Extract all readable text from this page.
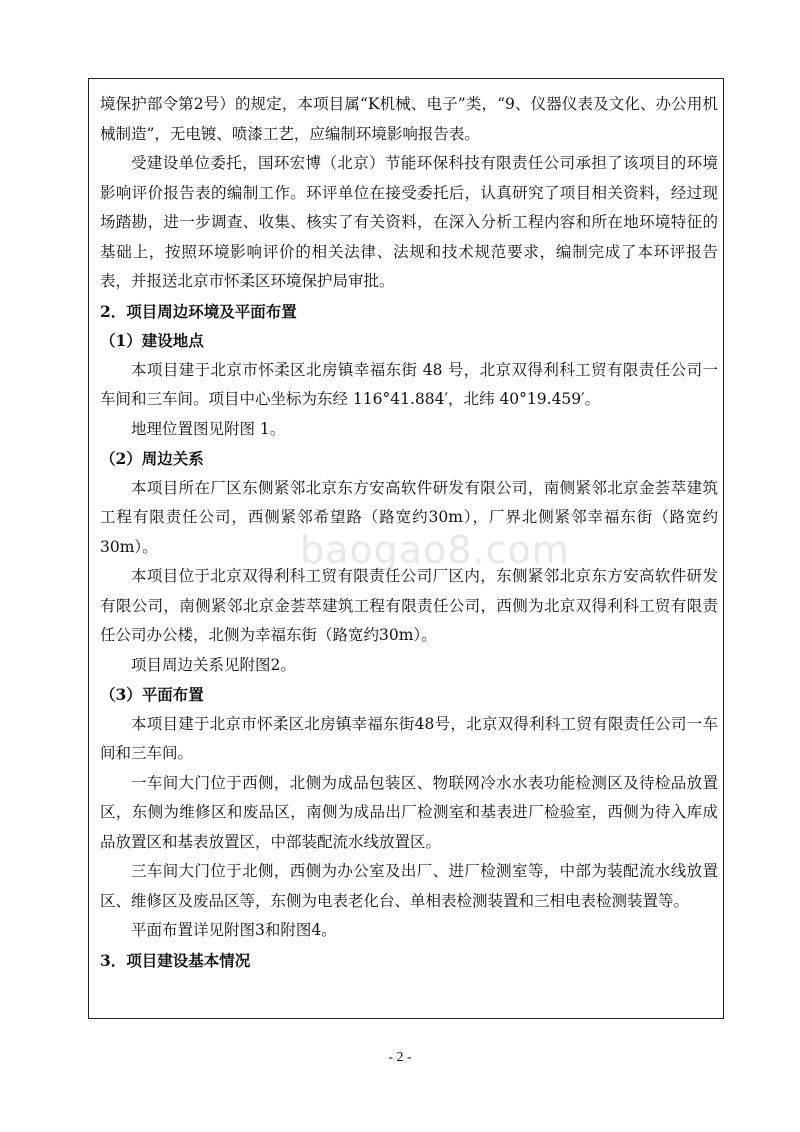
境保护部令第2号）的规定，本项目属“K机械、电子”类，“9、仪器仪表及文化、办公用机械制造”，无电镀、喷漆工艺，应编制环境影响报告表。

受建设单位委托，国环宏博（北京）节能环保科技有限责任公司承担了该项目的环境影响评价报告表的编制工作。环评单位在接受委托后，认真研究了项目相关资料，经过现场踏勘，进一步调查、收集、核实了有关资料，在深入分析工程内容和所在地环境特征的基础上，按照环境影响评价的相关法律、法规和技术规范要求，编制完成了本环评报告表，并报送北京市怀柔区环境保护局审批。

2．项目周边环境及平面布置

（1）建设地点

本项目建于北京市怀柔区北房镇幸福东街 48 号，北京双得利科工贸有限责任公司一车间和三车间。项目中心坐标为东经 116°41.884′，北纬 40°19.459′。

地理位置图见附图 1。

（2）周边关系

本项目所在厂区东侧紧邻北京东方安高软件研发有限公司，南侧紧邻北京金荟萃建筑工程有限责任公司，西侧紧邻希望路（路宽约30m），厂界北侧紧邻幸福东街（路宽约30m）。

本项目位于北京双得利科工贸有限责任公司厂区内，东侧紧邻北京东方安高软件研发有限公司，南侧紧邻北京金荟萃建筑工程有限责任公司，西侧为北京双得利科工贸有限责任公司办公楼，北侧为幸福东街（路宽约30m）。

项目周边关系见附图2。

（3）平面布置

本项目建于北京市怀柔区北房镇幸福东街48号，北京双得利科工贸有限责任公司一车间和三车间。

一车间大门位于西侧，北侧为成品包装区、物联网冷水水表功能检测区及待检品放置区，东侧为维修区和废品区，南侧为成品出厂检测室和基表进厂检验室，西侧为待入库成品放置区和基表放置区，中部装配流水线放置区。

三车间大门位于北侧，西侧为办公室及出厂、进厂检测室等，中部为装配流水线放置区、维修区及废品区等，东侧为电表老化台、单相表检测装置和三相电表检测装置等。

平面布置详见附图3和附图4。

3．项目建设基本情况

baogao8.com
- 2 -
